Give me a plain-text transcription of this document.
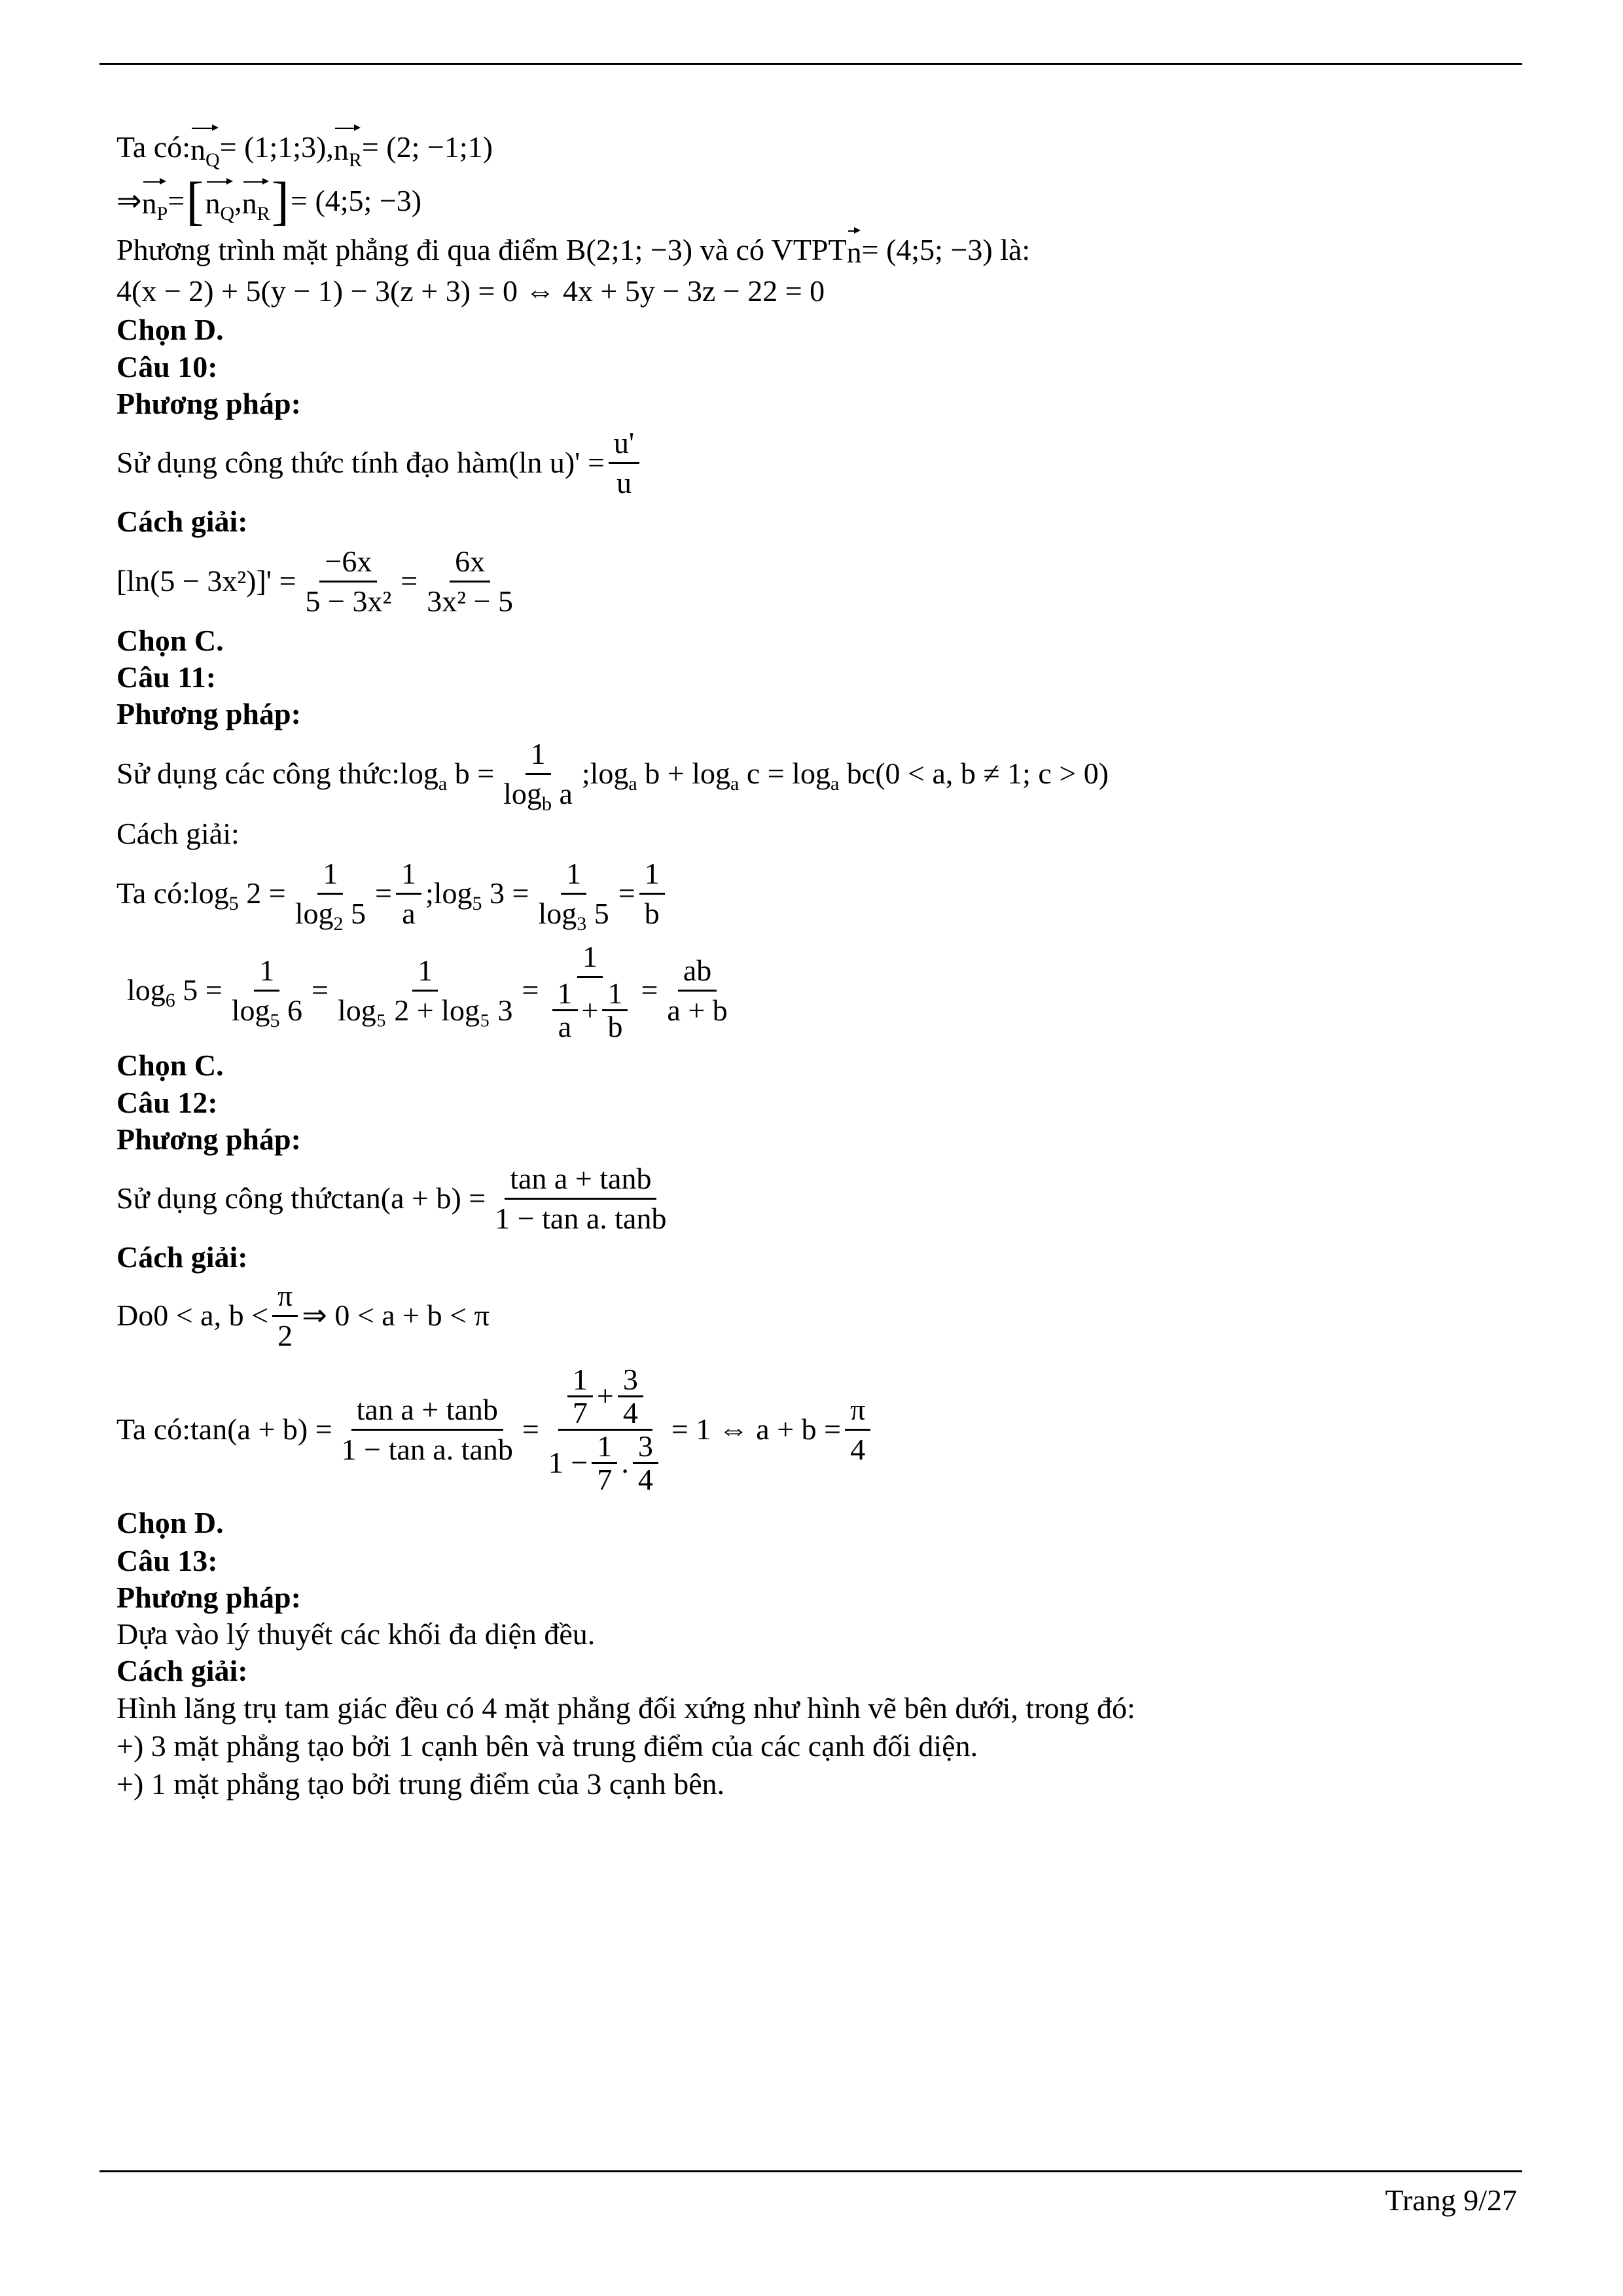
Ta có: $n_Q$ = (1;1;3), $n_R = (2$; −1;1)
⇒ $n_P$ = [ $n_Q$ , $n_R$ ] = (4;5; −3)
Phương trình mặt phẳng đi qua điểm B(2;1; −3) và có VTPT n = (4;5; −3) là:
4(x − 2) + 5(y − 1) − 3(z + 3) = 0 ⇔ 4x + 5y − 3z − 22 = 0
Chọn D.
Câu 10:
Phương pháp:
Sử dụng công thức tính đạo hàm (ln $u)' = \frac{u'}{u}$
Cách giải:
$[\ln(5 - 3x^2)]' = \frac{-6x}{\text{5 − 3x²}} = \frac{6x}{\text{3x² − 5}}$
Chọn C.
Câu 11:
Phương pháp:
Sử dụng các công thức: $\log_a b = \frac{1}{\log_b a}$ $;\log_a$ $b + \log_a c = \log_a bc(0 < a$, b ≠ 1; c > 0)
Cách giải:
Ta có: $\log_5 2 = \frac{1}{\log_2 5} = \frac{1}{a}$ $;\log_5$ $3 = \frac{1}{\log_3 5} = \frac{1}{b}$
$\log_6 5 = \frac{1}{\log_5 6} = \frac{1}{\text{log₅ 2 + log₅ 3}} = \frac{1}{\frac{1}{a} + \frac{1}{b}} = \frac{ab}{a + b}$
Chọn C.
Câu 12:
Phương pháp:
Sử dụng công thức $\tan(a + b) = \frac{\text{tan a + tanb}}{\text{1 − tan a. tanb}}$
Cách giải:
Do 0 < a, $b < \frac{\pi}{2}$ ⇒ 0 < a + b < π
Ta có: $\tan(a + b) = \frac{\text{tan a + tanb}}{\text{1 − tan a. tanb}} = \frac{\frac{1}{7} + \frac{3}{4}}{1 - \frac{1}{7} . \frac{3}{4}} = 1$ ⇔ $a + b = \frac{\pi}{4}$
Chọn D.
Câu 13:
Phương pháp:
Dựa vào lý thuyết các khối đa diện đều.
Cách giải:
Hình lăng trụ tam giác đều có 4 mặt phẳng đối xứng như hình vẽ bên dưới, trong đó:
+) 3 mặt phẳng tạo bởi 1 cạnh bên và trung điểm của các cạnh đối diện.
+) 1 mặt phẳng tạo bởi trung điểm của 3 cạnh bên.
Trang 9/27
